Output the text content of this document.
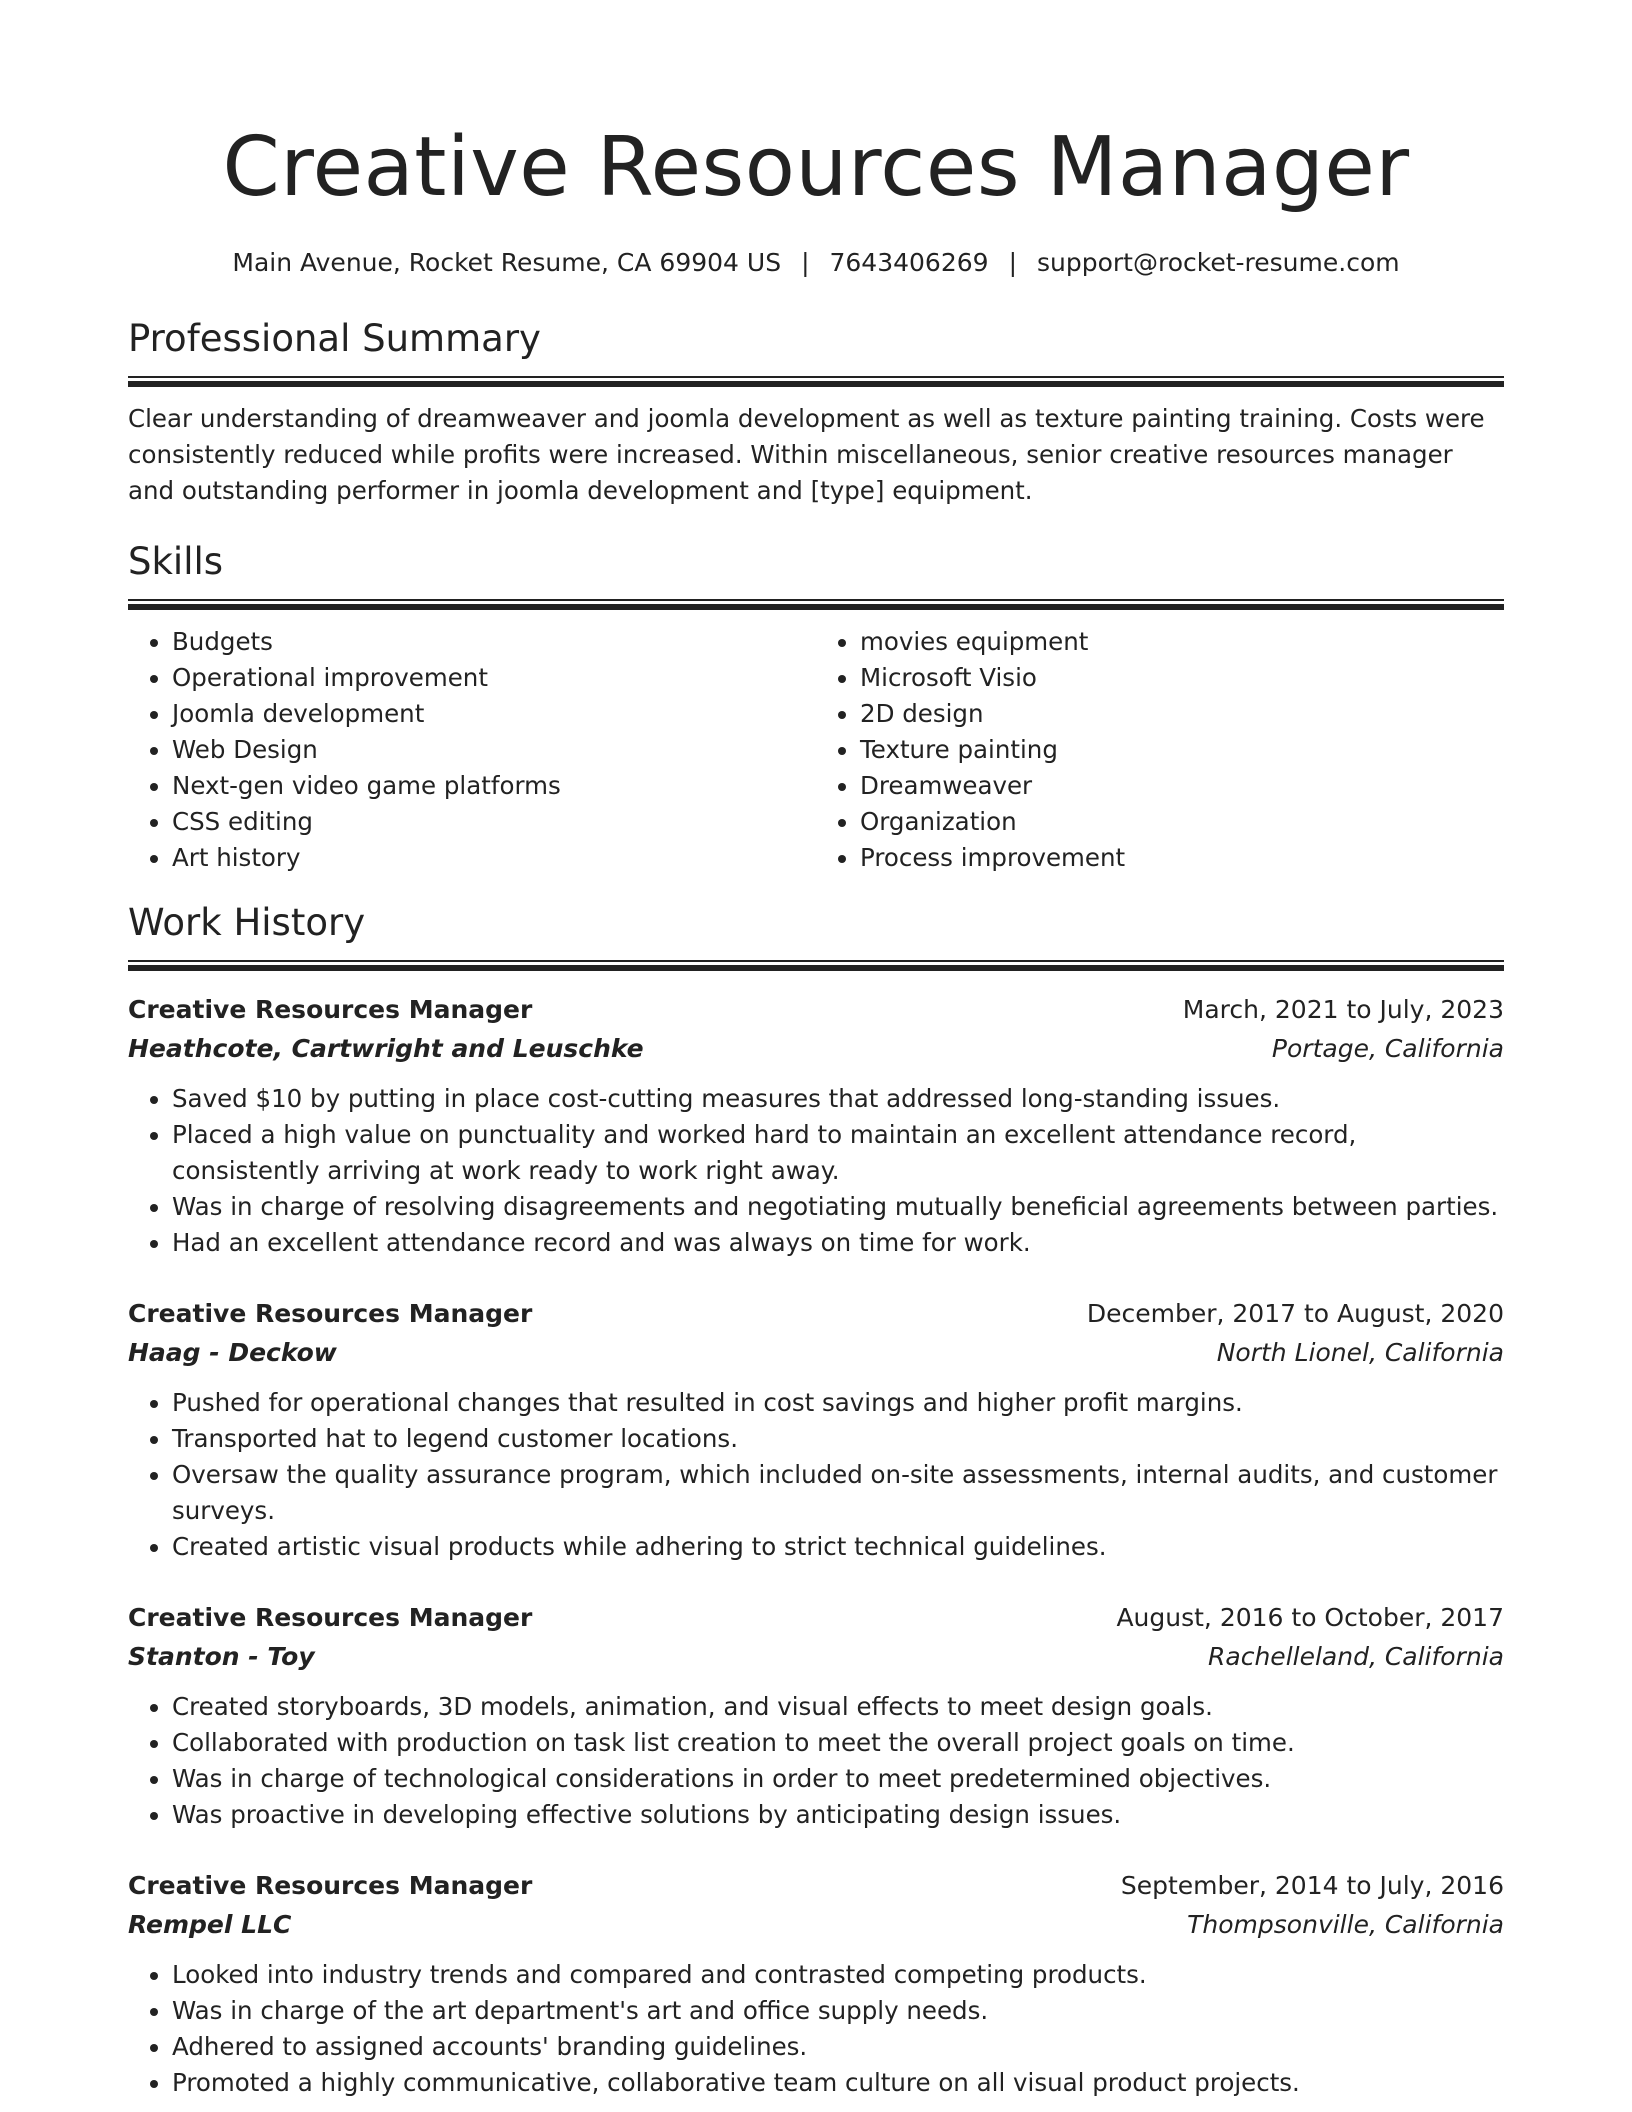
Creative Resources Manager
Main Avenue, Rocket Resume, CA 69904 US | 7643406269 | support@rocket-resume.com
Professional Summary

Clear understanding of dreamweaver and joomla development as well as texture painting training. Costs were consistently reduced while profits were increased. Within miscellaneous, senior creative resources manager and outstanding performer in joomla development and [type] equipment.

Skills
• Budgets
• Operational improvement
• Joomla development
• Web Design
• Next-gen video game platforms
• CSS editing
• Art history
• movies equipment
• Microsoft Visio
• 2D design
• Texture painting
• Dreamweaver
• Organization
• Process improvement
Work History
Creative Resources Manager	March, 2021 to July, 2023
Heathcote, Cartwright and Leuschke	Portage, California
• Saved $10 by putting in place cost-cutting measures that addressed long-standing issues.
• Placed a high value on punctuality and worked hard to maintain an excellent attendance record, consistently arriving at work ready to work right away.
• Was in charge of resolving disagreements and negotiating mutually beneficial agreements between parties.
• Had an excellent attendance record and was always on time for work.
Creative Resources Manager	December, 2017 to August, 2020
Haag - Deckow	North Lionel, California
• Pushed for operational changes that resulted in cost savings and higher profit margins.
• Transported hat to legend customer locations.
• Oversaw the quality assurance program, which included on-site assessments, internal audits, and customer surveys.
• Created artistic visual products while adhering to strict technical guidelines.
Creative Resources Manager	August, 2016 to October, 2017
Stanton - Toy	Rachelleland, California
• Created storyboards, 3D models, animation, and visual effects to meet design goals.
• Collaborated with production on task list creation to meet the overall project goals on time.
• Was in charge of technological considerations in order to meet predetermined objectives.
• Was proactive in developing effective solutions by anticipating design issues.
Creative Resources Manager	September, 2014 to July, 2016
Rempel LLC	Thompsonville, California
• Looked into industry trends and compared and contrasted competing products.
• Was in charge of the art department's art and office supply needs.
• Adhered to assigned accounts' branding guidelines.
• Promoted a highly communicative, collaborative team culture on all visual product projects.
